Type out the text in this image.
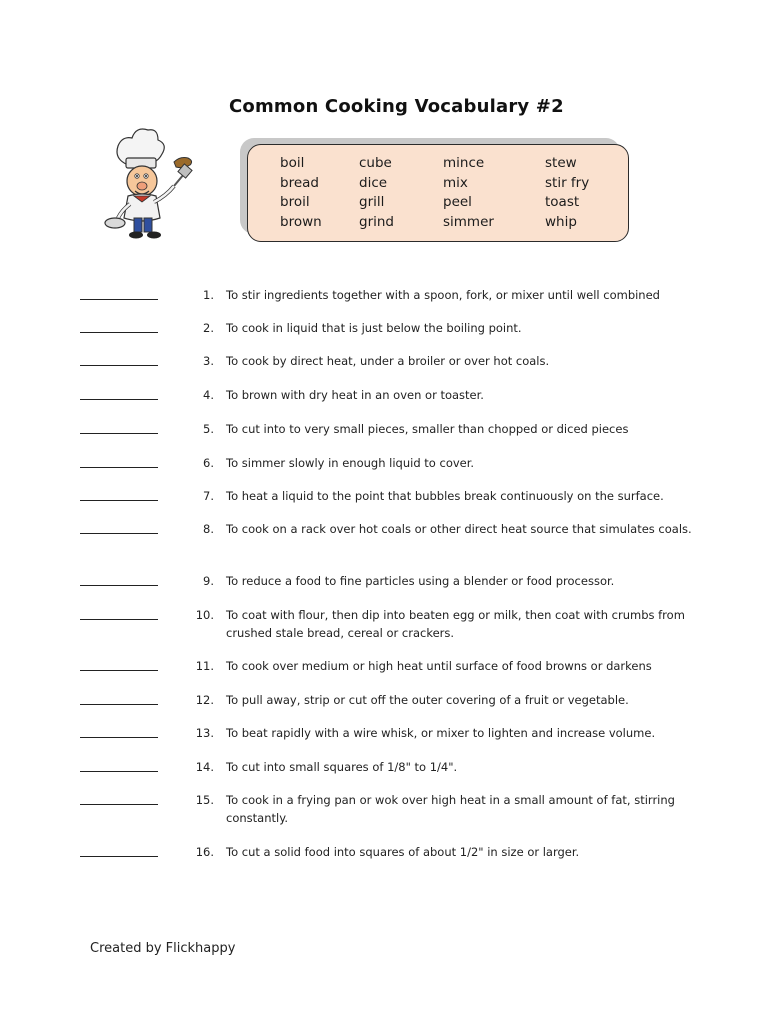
Common Cooking Vocabulary #2
boil
bread
broil
brown
cube
dice
grill
grind
mince
mix
peel
simmer
stew
stir fry
toast
whip
1. To stir ingredients together with a spoon, fork, or mixer until well combined
2. To cook in liquid that is just below the boiling point.
3. To cook by direct heat, under a broiler or over hot coals.
4. To brown with dry heat in an oven or toaster.
5. To cut into to very small pieces, smaller than chopped or diced pieces
6. To simmer slowly in enough liquid to cover.
7. To heat a liquid to the point that bubbles break continuously on the surface.
8. To cook on a rack over hot coals or other direct heat source that simulates coals.
9. To reduce a food to fine particles using a blender or food processor.
10. To coat with flour, then dip into beaten egg or milk, then coat with crumbs from crushed stale bread, cereal or crackers.
11. To cook over medium or high heat until surface of food browns or darkens
12. To pull away, strip or cut off the outer covering of a fruit or vegetable.
13. To beat rapidly with a wire whisk, or mixer to lighten and increase volume.
14. To cut into small squares of 1/8" to 1/4".
15. To cook in a frying pan or wok over high heat in a small amount of fat, stirring constantly.
16. To cut a solid food into squares of about 1/2" in size or larger.
Created by Flickhappy
